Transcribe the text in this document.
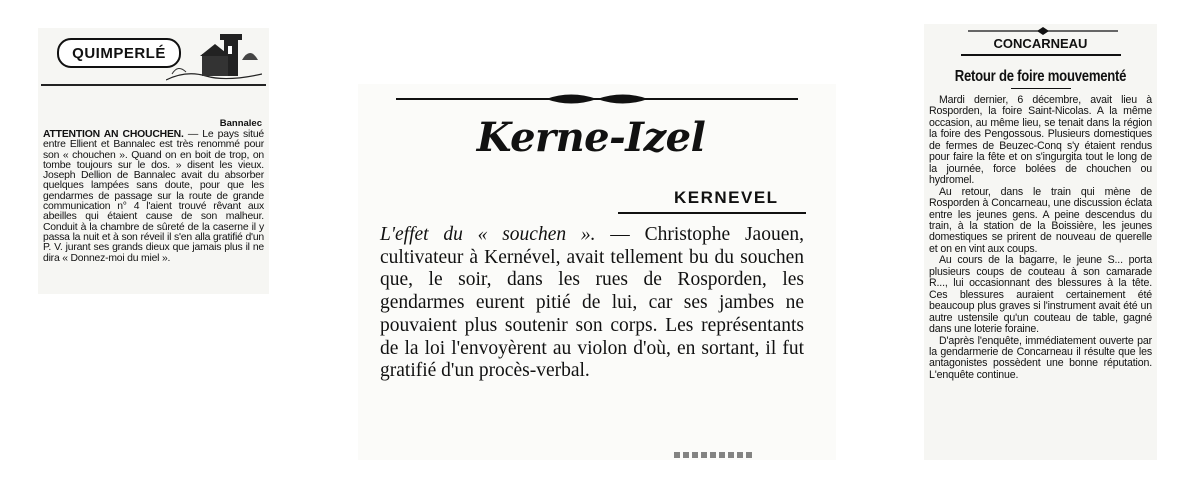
QUIMPERLÉ
Bannalec
ATTENTION AN CHOUCHEN. — Le pays situé entre Ellient et Bannalec est très renommé pour son « chouchen ». Quand on en boit de trop, on tombe toujours sur le dos. » disent les vieux. Joseph Dellion de Bannalec avait du absorber quelques lampées sans doute, pour que les gendarmes de passage sur la route de grande communication n° 4 l'aient trouvé rêvant aux abeilles qui étaient cause de son malheur. Conduit à la chambre de sûreté de la caserne il y passa la nuit et à son réveil il s'en alla gratifié d'un P. V. jurant ses grands dieux que jamais plus il ne dira « Donnez-moi du miel ».
Kerne-Izel
KERNEVEL
L'effet du « souchen ». — Christophe Jaouen, cultivateur à Kernével, avait tellement bu du souchen que, le soir, dans les rues de Rosporden, les gendarmes eurent pitié de lui, car ses jambes ne pouvaient plus soutenir son corps. Les représentants de la loi l'envoyèrent au violon d'où, en sortant, il fut gratifié d'un procès-verbal.
CONCARNEAU
Retour de foire mouvementé

Mardi dernier, 6 décembre, avait lieu à Rosporden, la foire Saint-Nicolas. A la même occasion, au même lieu, se tenait dans la région la foire des Pengossous. Plusieurs domestiques de fermes de Beuzec-Conq s'y étaient rendus pour faire la fête et on s'ingurgita tout le long de la journée, force bolées de chouchen ou hydromel.

Au retour, dans le train qui mène de Rosporden à Concarneau, une discussion éclata entre les jeunes gens. A peine descendus du train, à la station de la Boissière, les jeunes domestiques se prirent de nouveau de querelle et on en vint aux coups.

Au cours de la bagarre, le jeune S... porta plusieurs coups de couteau à son camarade R..., lui occasionnant des blessures à la tête. Ces blessures auraient certainement été beaucoup plus graves si l'instrument avait été un autre ustensile qu'un couteau de table, gagné dans une loterie foraine.

D'après l'enquête, immédiatement ouverte par la gendarmerie de Concarneau il résulte que les antagonistes possèdent une bonne réputation. L'enquête continue.
